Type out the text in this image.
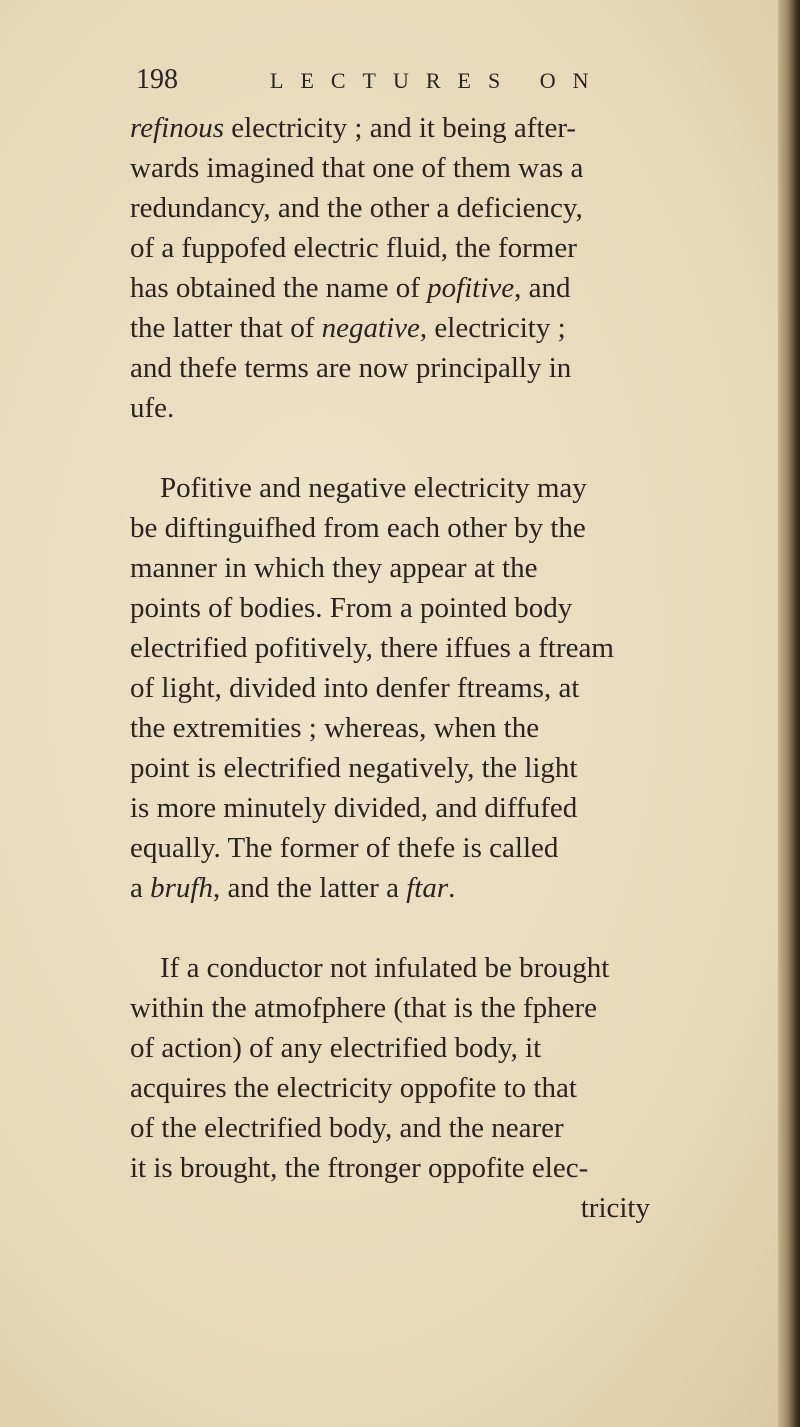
198	LECTURES ON
refinous electricity ; and it being after-
wards imagined that one of them was a
redundancy, and the other a deficiency,
of a fuppofed electric fluid, the former
has obtained the name of pofitive, and
the latter that of negative, electricity ;
and thefe terms are now principally in
ufe.
Pofitive and negative electricity may
be diftinguifhed from each other by the
manner in which they appear at the
points of bodies. From a pointed body
electrified pofitively, there iffues a ftream
of light, divided into denfer ftreams, at
the extremities ; whereas, when the
point is electrified negatively, the light
is more minutely divided, and diffufed
equally. The former of thefe is called
a brufh, and the latter a ftar.
If a conductor not infulated be brought
within the atmofphere (that is the fphere
of action) of any electrified body, it
acquires the electricity oppofite to that
of the electrified body, and the nearer
it is brought, the ftronger oppofite elec-
tricity
